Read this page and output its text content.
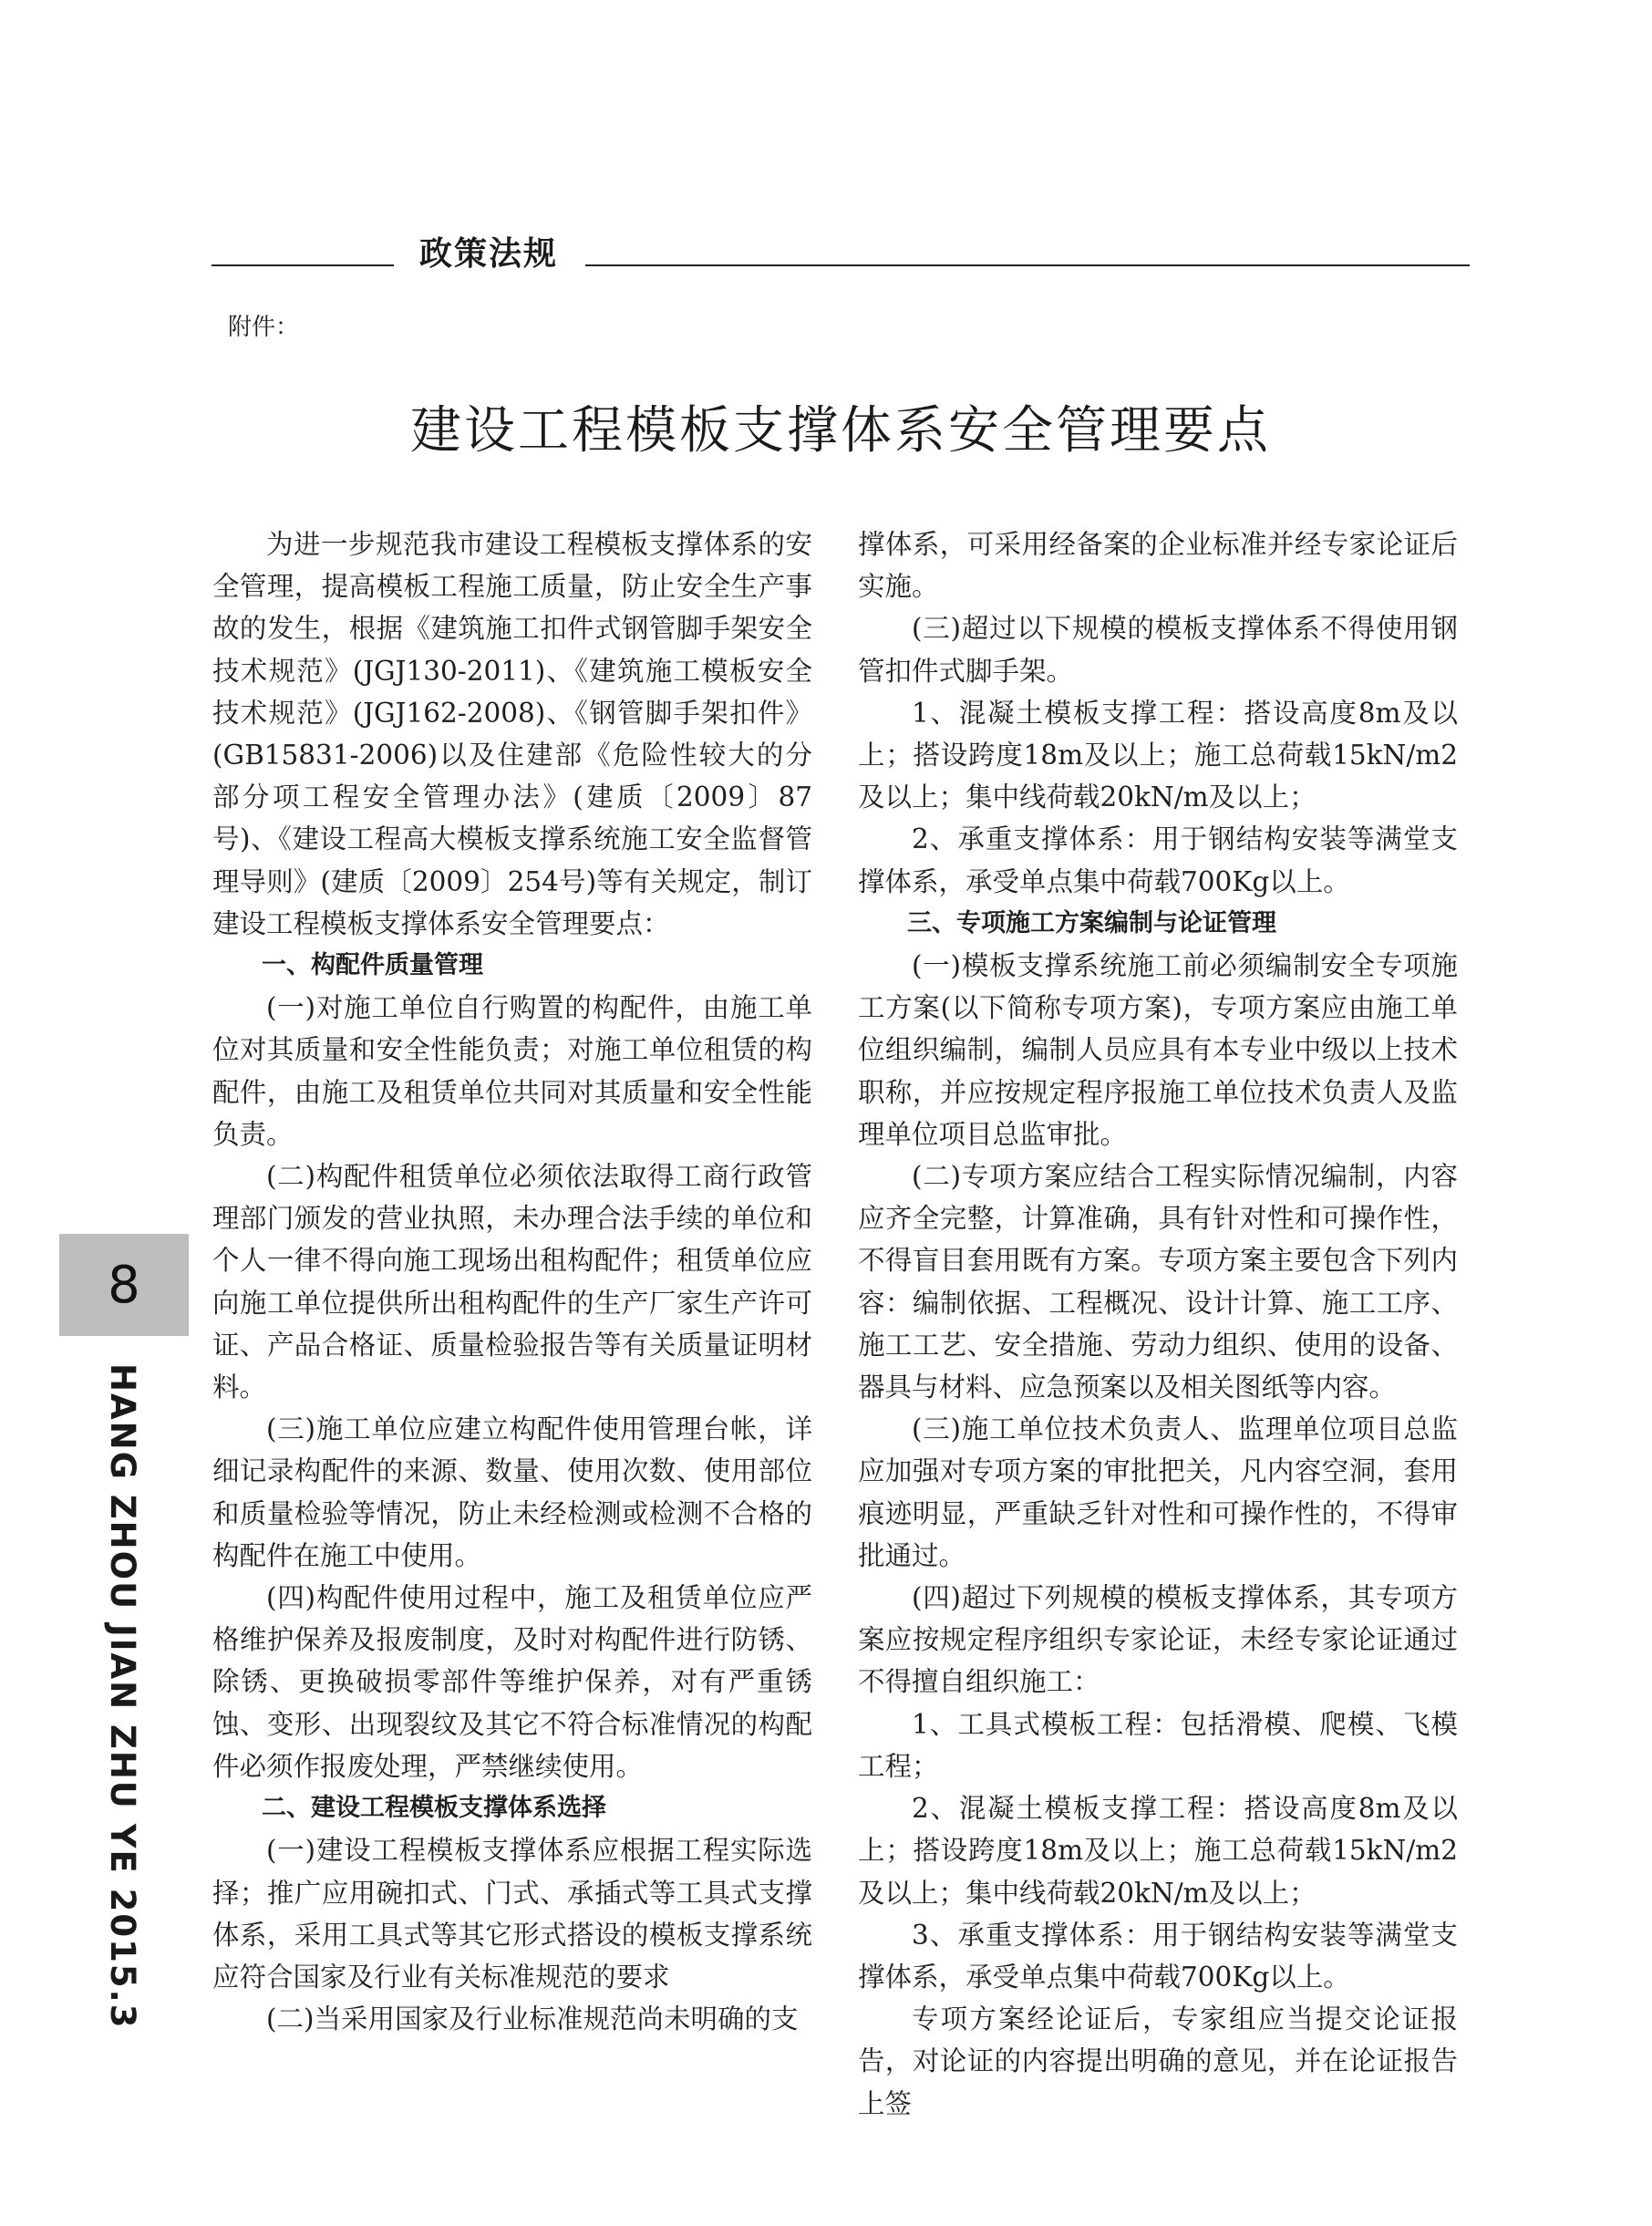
政策法规
附件：
建设工程模板支撑体系安全管理要点

为进一步规范我市建设工程模板支撑体系的安全管理，提高模板工程施工质量，防止安全生产事故的发生，根据《建筑施工扣件式钢管脚手架安全技术规范》(JGJ130-2011)、《建筑施工模板安全技术规范》(JGJ162-2008)、《钢管脚手架扣件》(GB15831-2006)以及住建部《危险性较大的分部分项工程安全管理办法》(建质〔2009〕87号)、《建设工程高大模板支撑系统施工安全监督管理导则》(建质〔2009〕254号)等有关规定，制订建设工程模板支撑体系安全管理要点：

一、构配件质量管理

(一)对施工单位自行购置的构配件，由施工单位对其质量和安全性能负责；对施工单位租赁的构配件，由施工及租赁单位共同对其质量和安全性能负责。

(二)构配件租赁单位必须依法取得工商行政管理部门颁发的营业执照，未办理合法手续的单位和个人一律不得向施工现场出租构配件；租赁单位应向施工单位提供所出租构配件的生产厂家生产许可证、产品合格证、质量检验报告等有关质量证明材料。

(三)施工单位应建立构配件使用管理台帐，详细记录构配件的来源、数量、使用次数、使用部位和质量检验等情况，防止未经检测或检测不合格的构配件在施工中使用。

(四)构配件使用过程中，施工及租赁单位应严格维护保养及报废制度，及时对构配件进行防锈、除锈、更换破损零部件等维护保养，对有严重锈蚀、变形、出现裂纹及其它不符合标准情况的构配件必须作报废处理，严禁继续使用。

二、建设工程模板支撑体系选择

(一)建设工程模板支撑体系应根据工程实际选择；推广应用碗扣式、门式、承插式等工具式支撑体系，采用工具式等其它形式搭设的模板支撑系统应符合国家及行业有关标准规范的要求

(二)当采用国家及行业标准规范尚未明确的支

撑体系，可采用经备案的企业标准并经专家论证后实施。

(三)超过以下规模的模板支撑体系不得使用钢管扣件式脚手架。

1、混凝土模板支撑工程：搭设高度8m及以上；搭设跨度18m及以上；施工总荷载15kN/m2及以上；集中线荷载20kN/m及以上；

2、承重支撑体系：用于钢结构安装等满堂支撑体系，承受单点集中荷载700Kg以上。

三、专项施工方案编制与论证管理

(一)模板支撑系统施工前必须编制安全专项施工方案(以下简称专项方案)，专项方案应由施工单位组织编制，编制人员应具有本专业中级以上技术职称，并应按规定程序报施工单位技术负责人及监理单位项目总监审批。

(二)专项方案应结合工程实际情况编制，内容应齐全完整，计算准确，具有针对性和可操作性，不得盲目套用既有方案。专项方案主要包含下列内容：编制依据、工程概况、设计计算、施工工序、施工工艺、安全措施、劳动力组织、使用的设备、器具与材料、应急预案以及相关图纸等内容。

(三)施工单位技术负责人、监理单位项目总监应加强对专项方案的审批把关，凡内容空洞，套用痕迹明显，严重缺乏针对性和可操作性的，不得审批通过。

(四)超过下列规模的模板支撑体系，其专项方案应按规定程序组织专家论证，未经专家论证通过不得擅自组织施工：

1、工具式模板工程：包括滑模、爬模、飞模工程；

2、混凝土模板支撑工程：搭设高度8m及以上；搭设跨度18m及以上；施工总荷载15kN/m2及以上；集中线荷载20kN/m及以上；

3、承重支撑体系：用于钢结构安装等满堂支撑体系，承受单点集中荷载700Kg以上。

专项方案经论证后，专家组应当提交论证报告，对论证的内容提出明确的意见，并在论证报告上签

8
HANG ZHOU JIAN ZHU YE 2015.3
